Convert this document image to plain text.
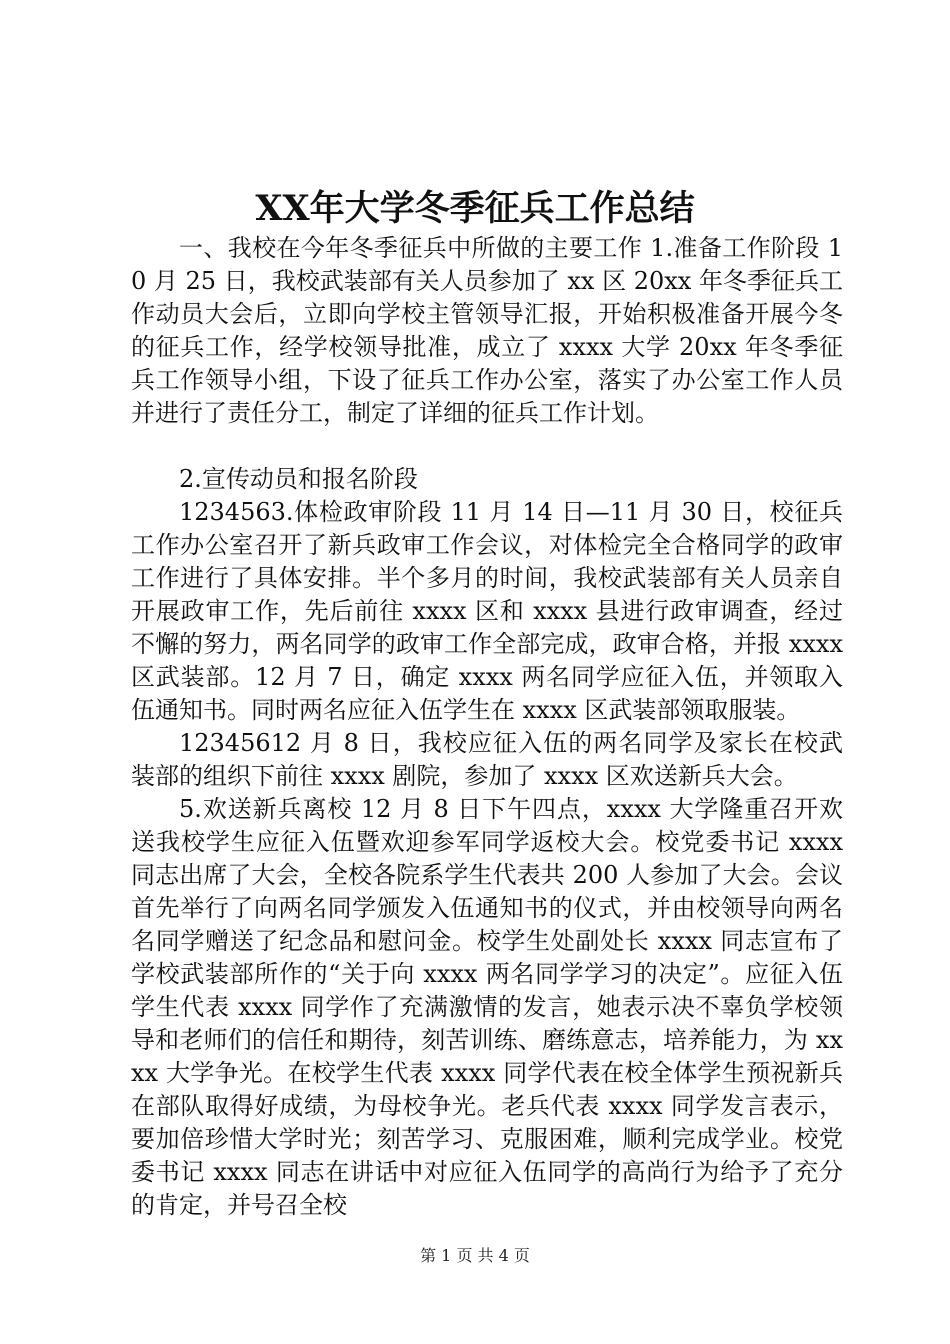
XX年大学冬季征兵工作总结

一、我校在今年冬季征兵中所做的主要工作 1.准备工作阶段 10 月 25 日，我校武装部有关人员参加了 xx 区 20xx 年冬季征兵工作动员大会后，立即向学校主管领导汇报，开始积极准备开展今冬的征兵工作，经学校领导批准，成立了 xxxx 大学 20xx 年冬季征兵工作领导小组，下设了征兵工作办公室，落实了办公室工作人员并进行了责任分工，制定了详细的征兵工作计划。

2.宣传动员和报名阶段

1234563.体检政审阶段 11 月 14 日—11 月 30 日，校征兵工作办公室召开了新兵政审工作会议，对体检完全合格同学的政审工作进行了具体安排。半个多月的时间，我校武装部有关人员亲自开展政审工作，先后前往 xxxx 区和 xxxx 县进行政审调查，经过不懈的努力，两名同学的政审工作全部完成，政审合格，并报 xxxx 区武装部。12 月 7 日，确定 xxxx 两名同学应征入伍，并领取入伍通知书。同时两名应征入伍学生在 xxxx 区武装部领取服装。

12345612 月 8 日，我校应征入伍的两名同学及家长在校武装部的组织下前往 xxxx 剧院，参加了 xxxx 区欢送新兵大会。

5.欢送新兵离校 12 月 8 日下午四点，xxxx 大学隆重召开欢送我校学生应征入伍暨欢迎参军同学返校大会。校党委书记 xxxx 同志出席了大会，全校各院系学生代表共 200 人参加了大会。会议首先举行了向两名同学颁发入伍通知书的仪式，并由校领导向两名名同学赠送了纪念品和慰问金。校学生处副处长 xxxx 同志宣布了学校武装部所作的“关于向 xxxx 两名同学学习的决定”。应征入伍学生代表 xxxx 同学作了充满激情的发言，她表示决不辜负学校领导和老师们的信任和期待，刻苦训练、磨练意志，培养能力，为 xxxx 大学争光。在校学生代表 xxxx 同学代表在校全体学生预祝新兵在部队取得好成绩，为母校争光。老兵代表 xxxx 同学发言表示，要加倍珍惜大学时光；刻苦学习、克服困难，顺利完成学业。校党委书记 xxxx 同志在讲话中对应征入伍同学的高尚行为给予了充分的肯定，并号召全校

第 1 页 共 4 页
